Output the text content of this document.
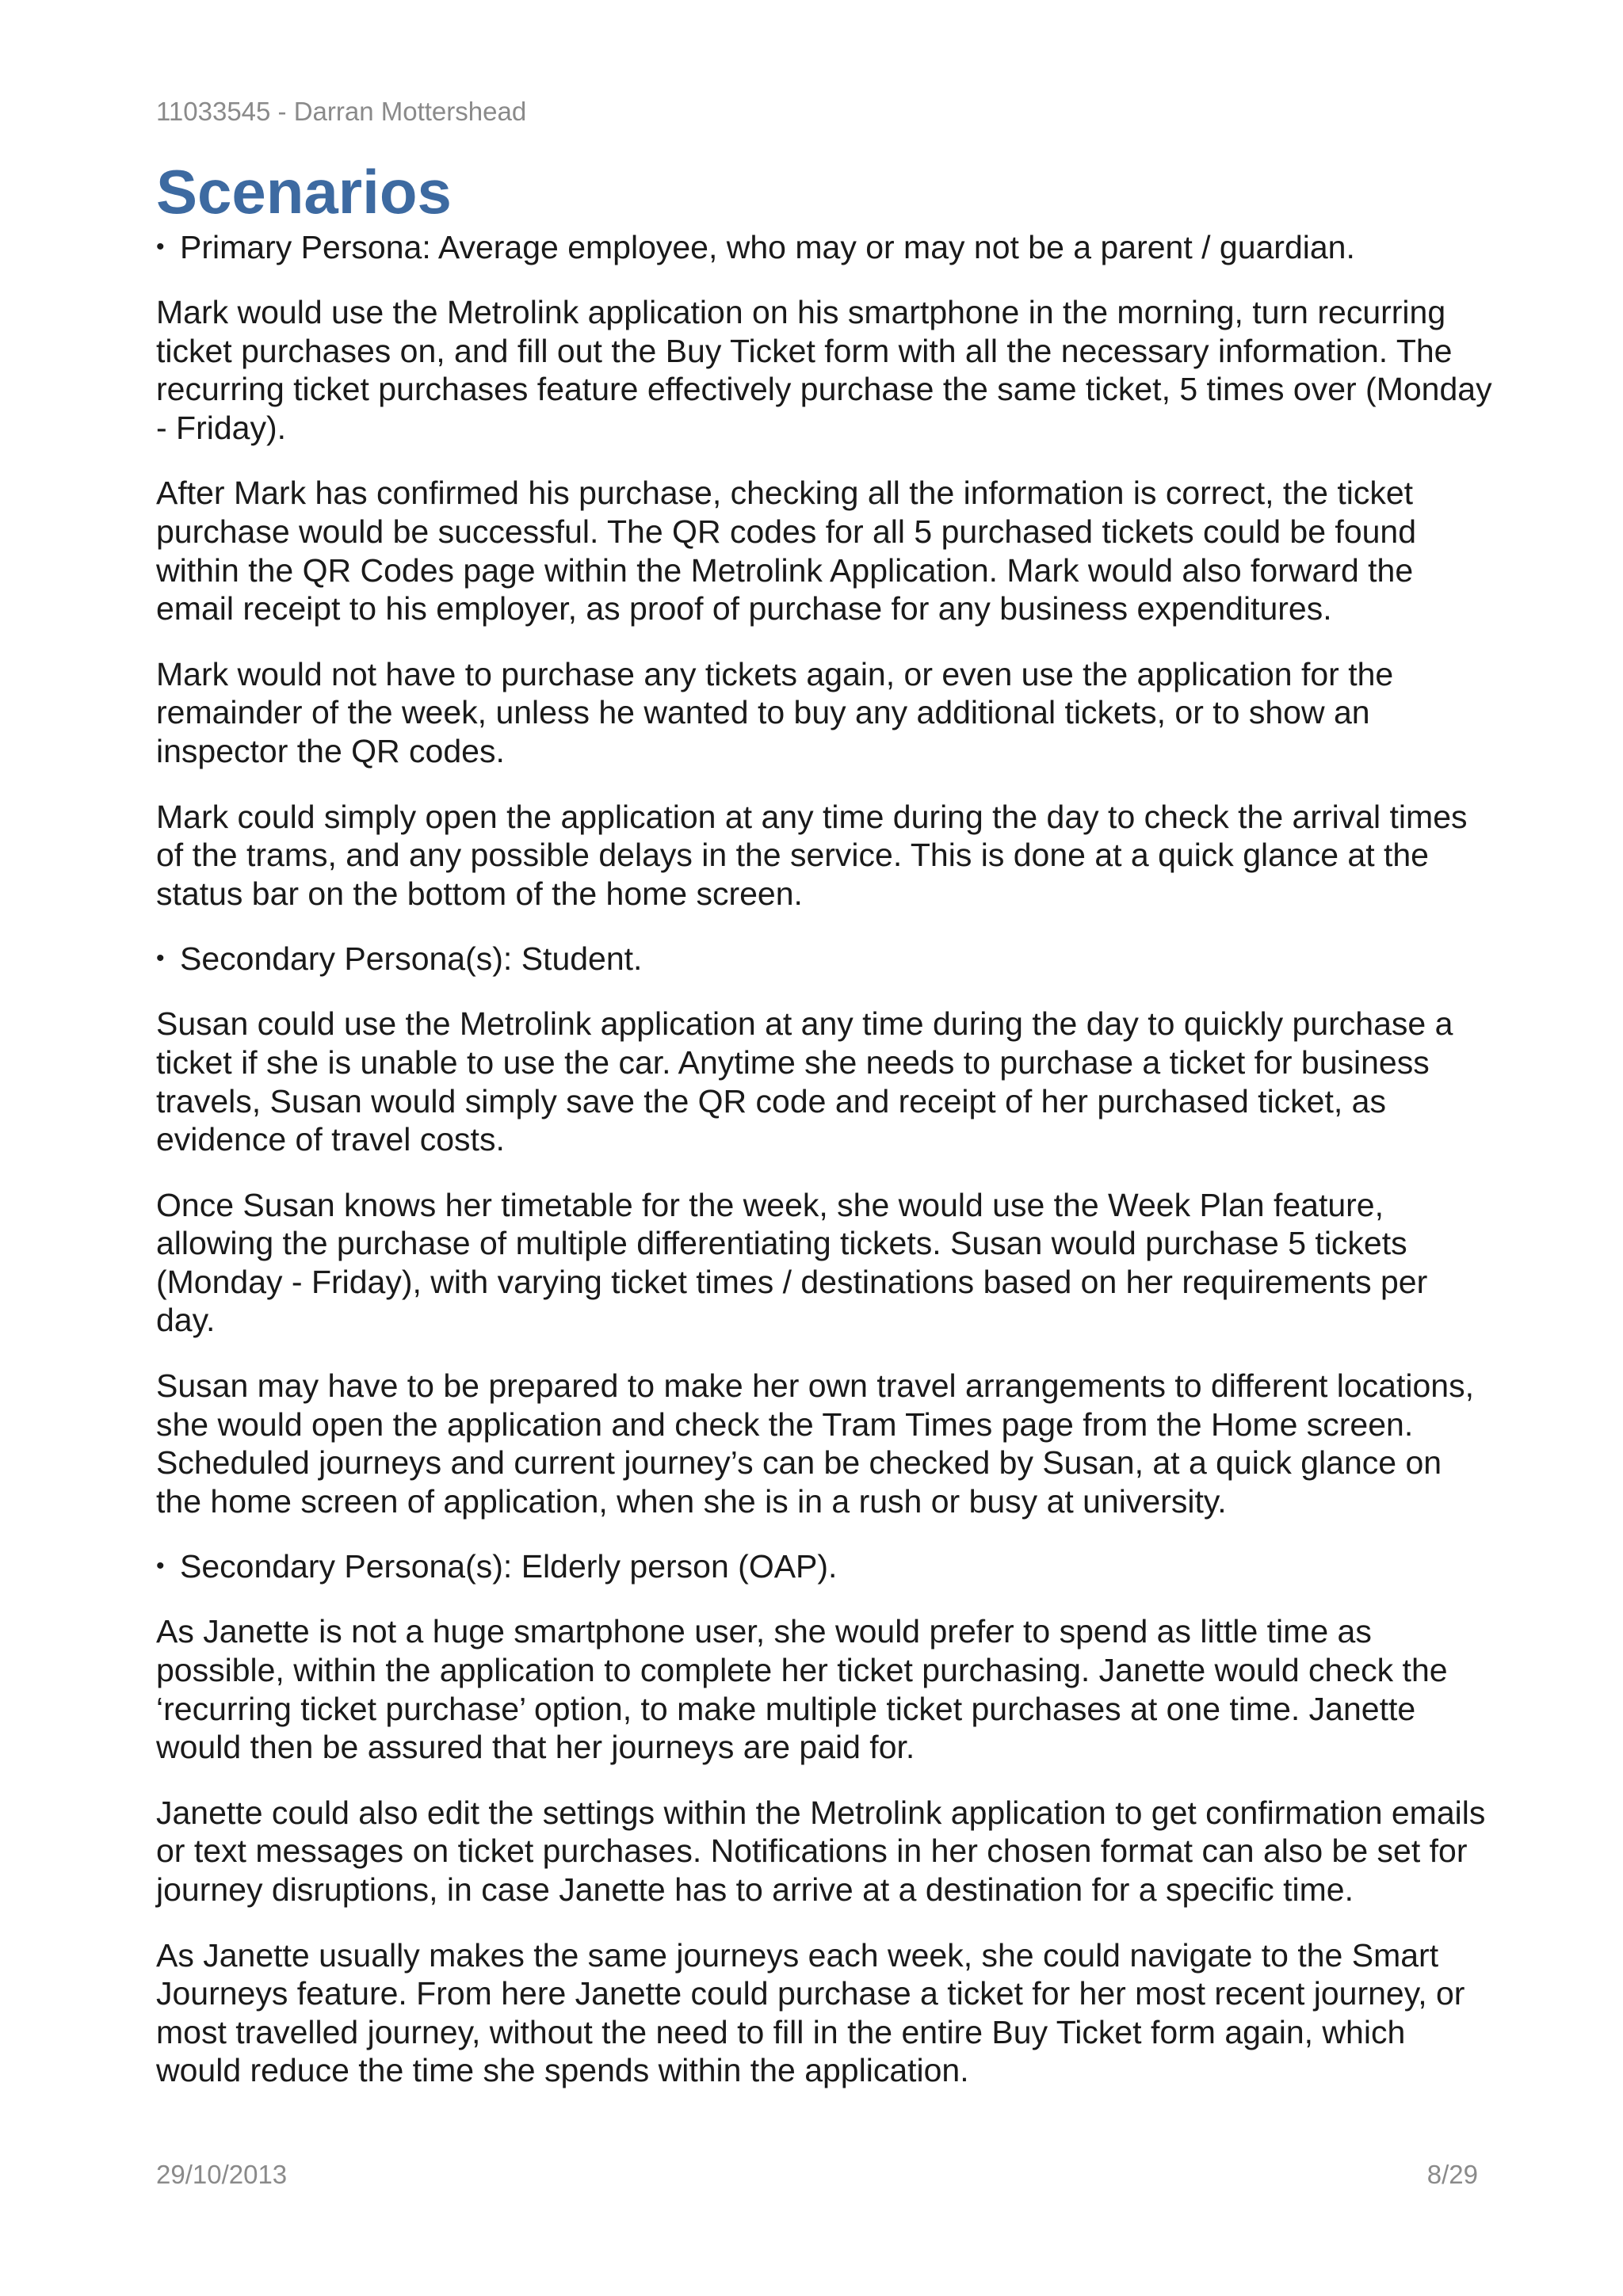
11033545 - Darran Mottershead

Scenarios

• Primary Persona: Average employee, who may or may not be a parent / guardian.

Mark would use the Metrolink application on his smartphone in the morning, turn recurring ticket purchases on, and fill out the Buy Ticket form with all the necessary information. The recurring ticket purchases feature effectively purchase the same ticket, 5 times over (Monday - Friday).

After Mark has confirmed his purchase, checking all the information is correct, the ticket purchase would be successful. The QR codes for all 5 purchased tickets could be found within the QR Codes page within the Metrolink Application. Mark would also forward the email receipt to his employer, as proof of purchase for any business expenditures.

Mark would not have to purchase any tickets again, or even use the application for the remainder of the week, unless he wanted to buy any additional tickets, or to show an inspector the QR codes.

Mark could simply open the application at any time during the day to check the arrival times of the trams, and any possible delays in the service. This is done at a quick glance at the status bar on the bottom of the home screen.

• Secondary Persona(s): Student.

Susan could use the Metrolink application at any time during the day to quickly purchase a ticket if she is unable to use the car. Anytime she needs to purchase a ticket for business travels, Susan would simply save the QR code and receipt of her purchased ticket, as evidence of travel costs.

Once Susan knows her timetable for the week, she would use the Week Plan feature, allowing the purchase of multiple differentiating tickets. Susan would purchase 5 tickets (Monday - Friday), with varying ticket times / destinations based on her requirements per day.

Susan may have to be prepared to make her own travel arrangements to different locations, she would open the application and check the Tram Times page from the Home screen. Scheduled journeys and current journey’s can be checked by Susan, at a quick glance on the home screen of application, when she is in a rush or busy at university.

• Secondary Persona(s): Elderly person (OAP).

As Janette is not a huge smartphone user, she would prefer to spend as little time as possible, within the application to complete her ticket purchasing. Janette would check the ‘recurring ticket purchase’ option, to make multiple ticket purchases at one time. Janette would then be assured that her journeys are paid for.

Janette could also edit the settings within the Metrolink application to get confirmation emails or text messages on ticket purchases. Notifications in her chosen format can also be set for journey disruptions, in case Janette has to arrive at a destination for a specific time.

As Janette usually makes the same journeys each week, she could navigate to the Smart Journeys feature. From here Janette could purchase a ticket for her most recent journey, or most travelled journey, without the need to fill in the entire Buy Ticket form again, which would reduce the time she spends within the application.

29/10/2013	8/29
